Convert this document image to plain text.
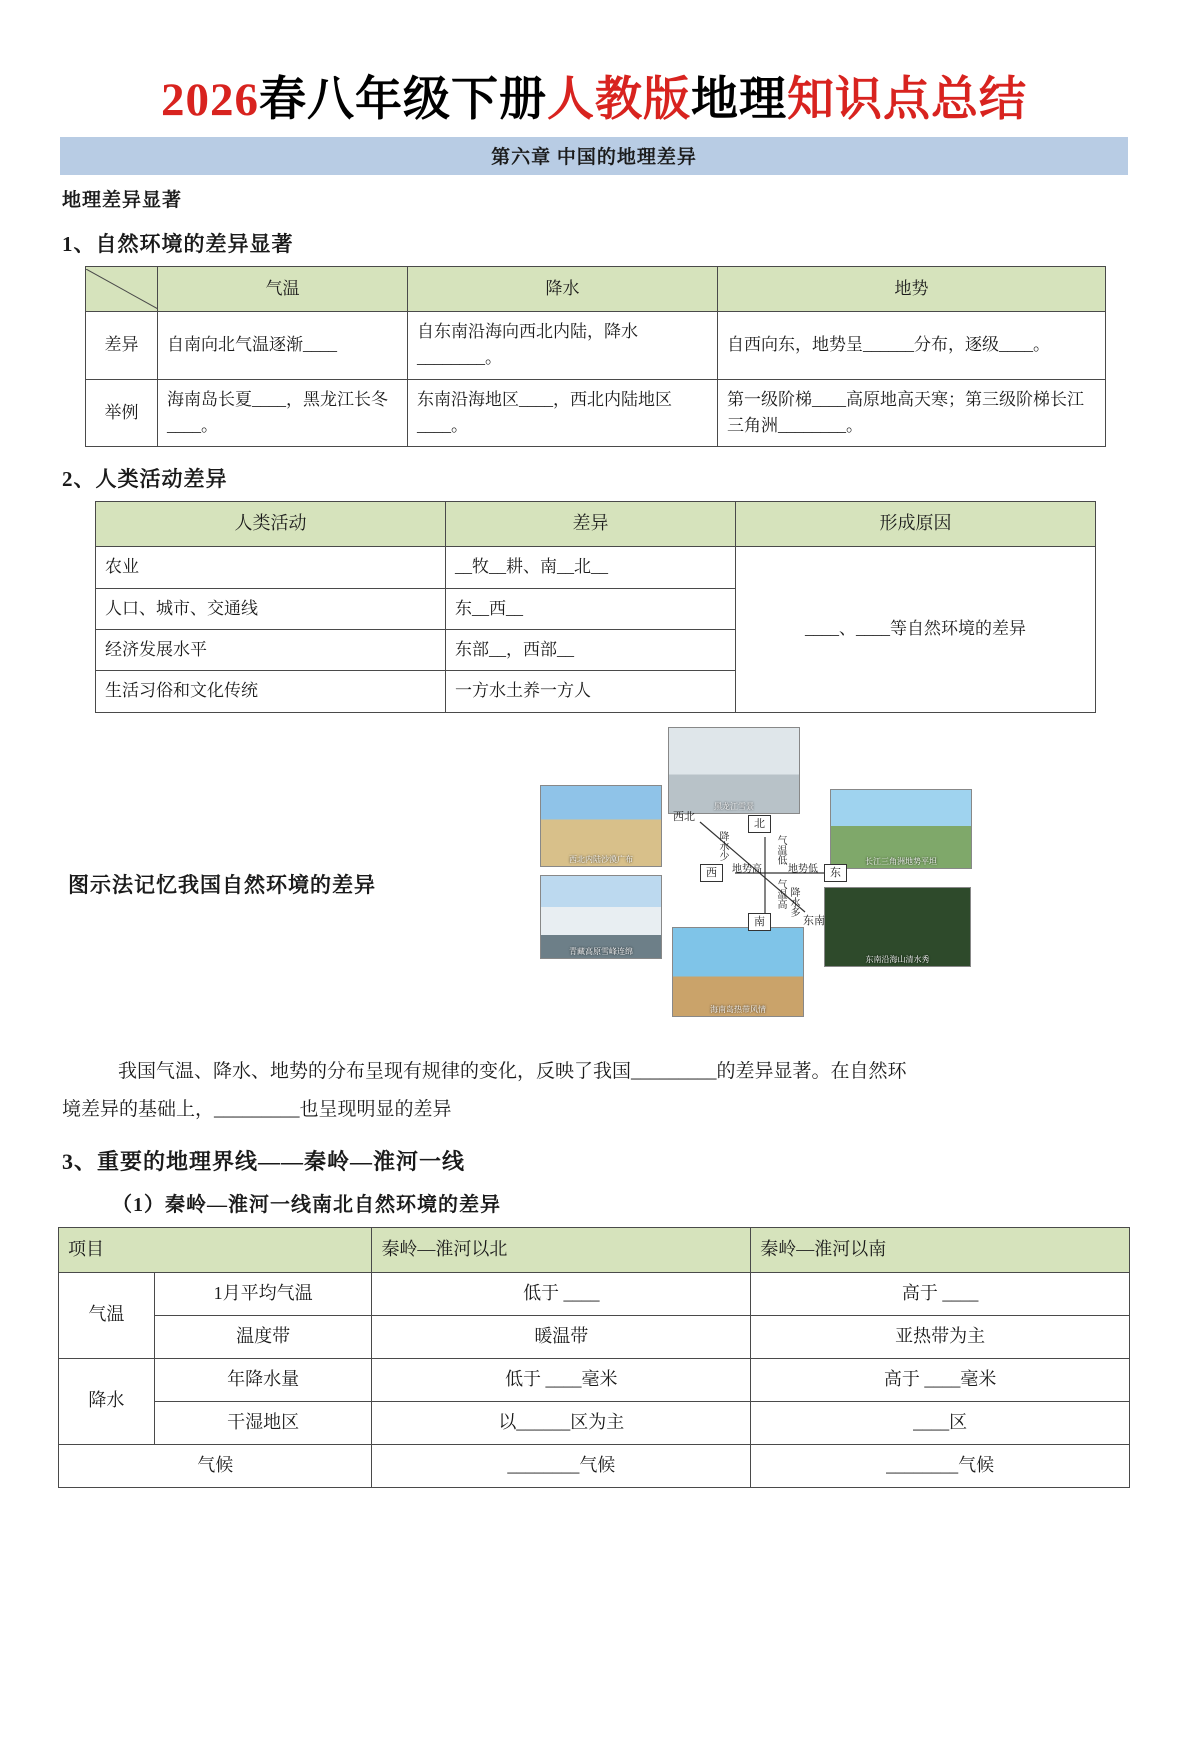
2026春八年级下册人教版地理知识点总结
第六章 中国的地理差异
地理差异显著
1、自然环境的差异显著
	气温	降水	地势
差异	自南向北气温逐渐____	自东南沿海向西北内陆，降水________。	自西向东，地势呈______分布，逐级____。
举例	海南岛长夏____，黑龙江长冬____。	东南沿海地区____，西北内陆地区____。	第一级阶梯____高原地高天寒；第三级阶梯长江三角洲________。
2、人类活动差异
人类活动	差异	形成原因
农业	__牧__耕、南__北__	____、____等自然环境的差异
人口、城市、交通线	东__西__	
经济发展水平	东部__，西部__	
生活习俗和文化传统	一方水土养一方人	
图示法记忆我国自然环境的差异
西北内陆沙漠广布
黑龙江雪景
长江三角洲地势平坦
青藏高原雪峰连绵
海南岛热带风情
东南沿海山清水秀
北
南
西	东
西北
东南
气温低
气温高
地势高	地势低
降水少
降水多
我国气温、降水、地势的分布呈现有规律的变化，反映了我国_________的差异显著。在自然环
境差异的基础上，_________也呈现明显的差异
3、重要的地理界线——秦岭—淮河一线
（1）秦岭—淮河一线南北自然环境的差异
项目		秦岭—淮河以北	秦岭—淮河以南
气温	1月平均气温	低于 ____	高于 ____
	温度带	暖温带	亚热带为主
降水	年降水量	低于 ____毫米	高于 ____毫米
	干湿地区	以______区为主	____区
气候		________气候	________气候
